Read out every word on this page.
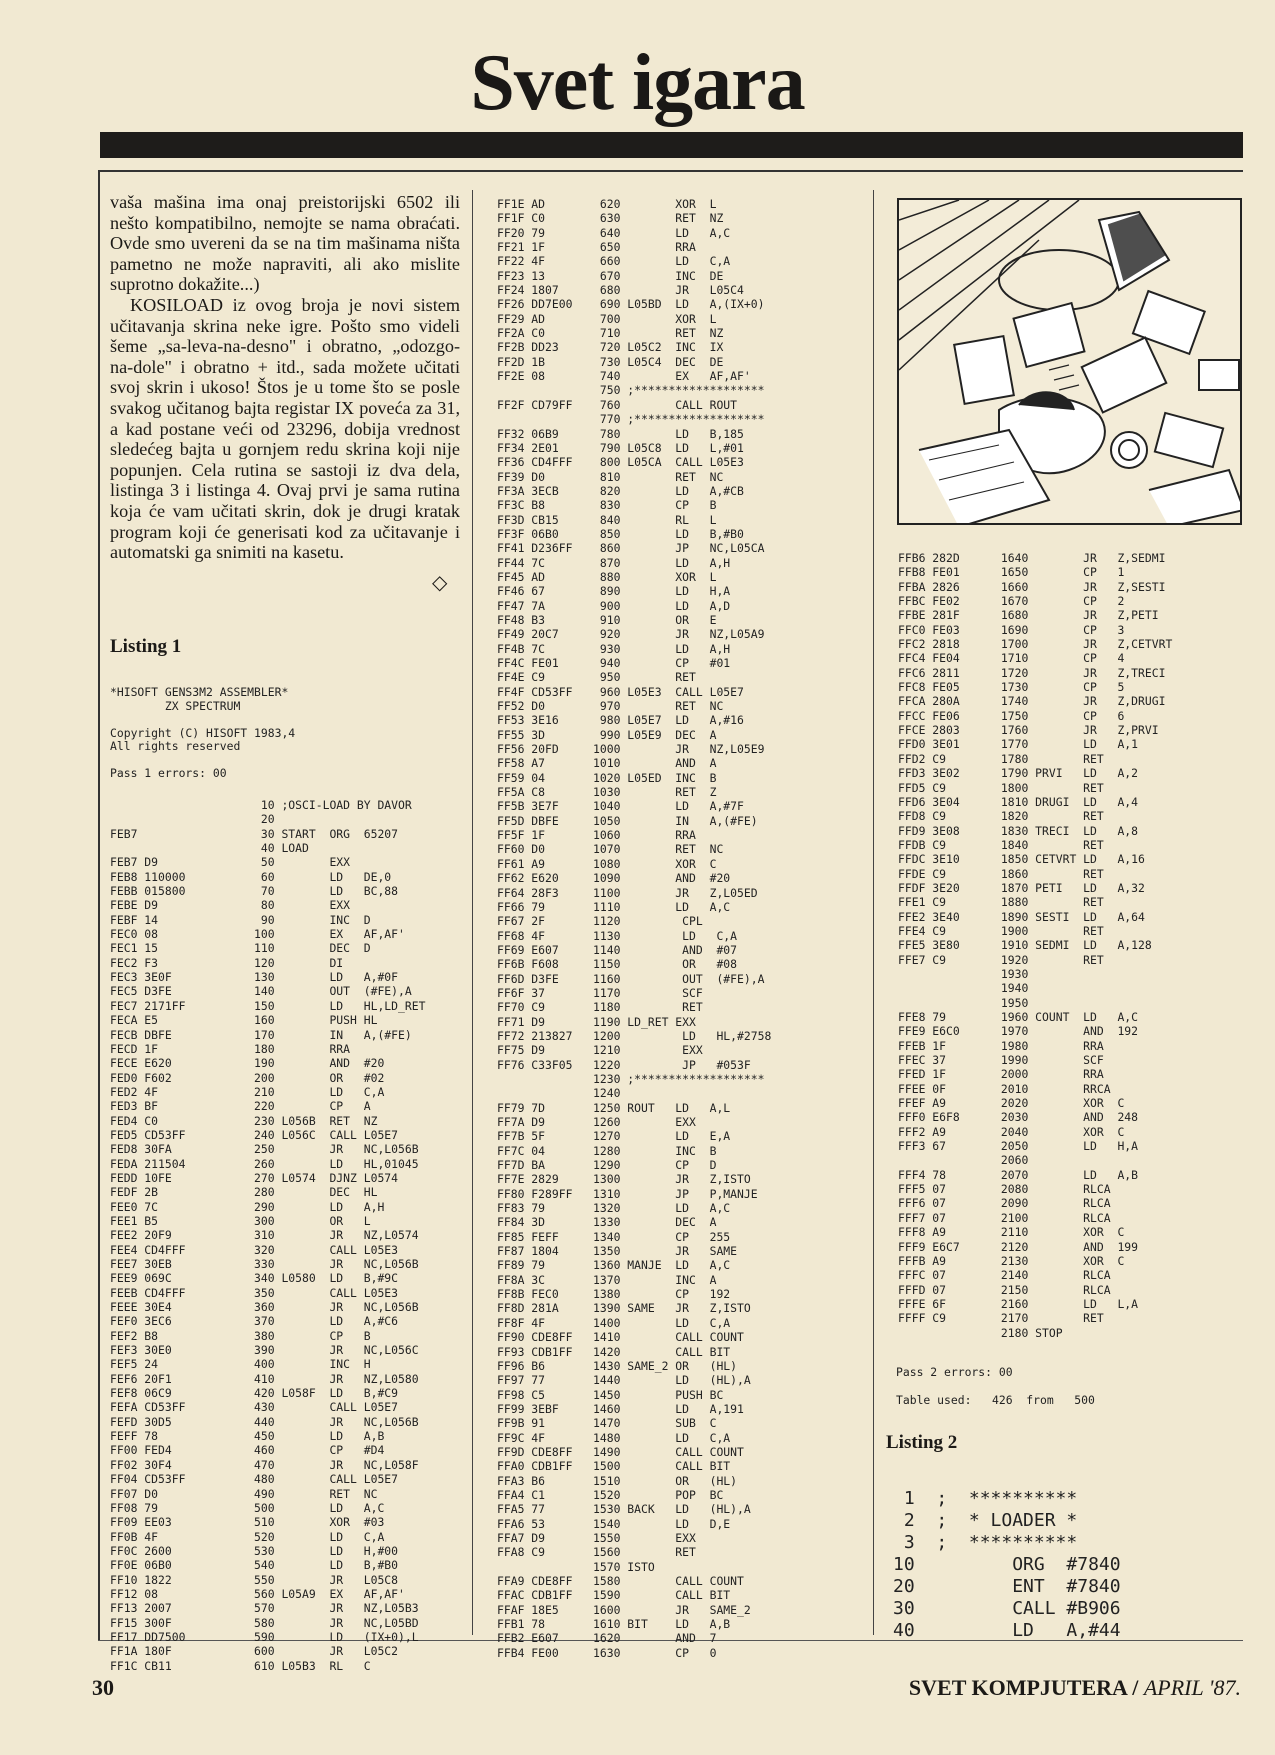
Svet igara

vaša mašina ima onaj preistorijski 6502 ili nešto kompatibilno, nemojte se nama obraćati. Ovde smo uvereni da se na tim mašinama ništa pametno ne može napraviti, ali ako mislite suprotno dokažite...)

KOSILOAD iz ovog broja je novi sistem učitavanja skrina neke igre. Pošto smo videli šeme „sa-leva-na-desno" i obratno, „odozgo-na-dole" i obratno + itd., sada možete učitati svoj skrin i ukoso! Štos je u tome što se posle svakog učitanog bajta registar IX poveća za 31, a kad postane veći od 23296, dobija vrednost sledećeg bajta u gornjem redu skrina koji nije popunjen. Cela rutina se sastoji iz dva dela, listinga 3 i listinga 4. Ovaj prvi je sama rutina koja će vam učitati skrin, dok je drugi kratak program koji će generisati kod za učitavanje i automatski ga snimiti na kasetu.

◇
Listing 1
*HISOFT GENS3M2 ASSEMBLER*
ZX SPECTRUM

Copyright (C) HISOFT 1983,4
All rights reserved

Pass 1 errors: 00
10 ;OSCI-LOAD BY DAVOR
20
FEB7                  30 START  ORG  65207
40 LOAD
FEB7 D9               50        EXX
FEB8 110000           60        LD   DE,0
FEBB 015800           70        LD   BC,88
FEBE D9               80        EXX
FEBF 14               90        INC  D
FEC0 08              100        EX   AF,AF'
FEC1 15              110        DEC  D
FEC2 F3              120        DI
FEC3 3E0F            130        LD   A,#0F
FEC5 D3FE            140        OUT  (#FE),A
FEC7 2171FF          150        LD   HL,LD_RET
FECA E5              160        PUSH HL
FECB DBFE            170        IN   A,(#FE)
FECD 1F              180        RRA
FECE E620            190        AND  #20
FED0 F602            200        OR   #02
FED2 4F              210        LD   C,A
FED3 BF              220        CP   A
FED4 C0              230 L056B  RET  NZ
FED5 CD53FF          240 L056C  CALL L05E7
FED8 30FA            250        JR   NC,L056B
FEDA 211504          260        LD   HL,01045
FEDD 10FE            270 L0574  DJNZ L0574
FEDF 2B              280        DEC  HL
FEE0 7C              290        LD   A,H
FEE1 B5              300        OR   L
FEE2 20F9            310        JR   NZ,L0574
FEE4 CD4FFF          320        CALL L05E3
FEE7 30EB            330        JR   NC,L056B
FEE9 069C            340 L0580  LD   B,#9C
FEEB CD4FFF          350        CALL L05E3
FEEE 30E4            360        JR   NC,L056B
FEF0 3EC6            370        LD   A,#C6
FEF2 B8              380        CP   B
FEF3 30E0            390        JR   NC,L056C
FEF5 24              400        INC  H
FEF6 20F1            410        JR   NZ,L0580
FEF8 06C9            420 L058F  LD   B,#C9
FEFA CD53FF          430        CALL L05E7
FEFD 30D5            440        JR   NC,L056B
FEFF 78              450        LD   A,B
FF00 FED4            460        CP   #D4
FF02 30F4            470        JR   NC,L058F
FF04 CD53FF          480        CALL L05E7
FF07 D0              490        RET  NC
FF08 79              500        LD   A,C
FF09 EE03            510        XOR  #03
FF0B 4F              520        LD   C,A
FF0C 2600            530        LD   H,#00
FF0E 06B0            540        LD   B,#B0
FF10 1822            550        JR   L05C8
FF12 08              560 L05A9  EX   AF,AF'
FF13 2007            570        JR   NZ,L05B3
FF15 300F            580        JR   NC,L05BD
FF17 DD7500          590        LD   (IX+0),L
FF1A 180F            600        JR   L05C2
FF1C CB11            610 L05B3  RL   C
FF1E AD        620        XOR  L
FF1F C0        630        RET  NZ
FF20 79        640        LD   A,C
FF21 1F        650        RRA
FF22 4F        660        LD   C,A
FF23 13        670        INC  DE
FF24 1807      680        JR   L05C4
FF26 DD7E00    690 L05BD  LD   A,(IX+0)
FF29 AD        700        XOR  L
FF2A C0        710        RET  NZ
FF2B DD23      720 L05C2  INC  IX
FF2D 1B        730 L05C4  DEC  DE
FF2E 08        740        EX   AF,AF'
750 ;*******************
FF2F CD79FF    760        CALL ROUT
770 ;*******************
FF32 06B9      780        LD   B,185
FF34 2E01      790 L05C8  LD   L,#01
FF36 CD4FFF    800 L05CA  CALL L05E3
FF39 D0        810        RET  NC
FF3A 3ECB      820        LD   A,#CB
FF3C B8        830        CP   B
FF3D CB15      840        RL   L
FF3F 06B0      850        LD   B,#B0
FF41 D236FF    860        JP   NC,L05CA
FF44 7C        870        LD   A,H
FF45 AD        880        XOR  L
FF46 67        890        LD   H,A
FF47 7A        900        LD   A,D
FF48 B3        910        OR   E
FF49 20C7      920        JR   NZ,L05A9
FF4B 7C        930        LD   A,H
FF4C FE01      940        CP   #01
FF4E C9        950        RET
FF4F CD53FF    960 L05E3  CALL L05E7
FF52 D0        970        RET  NC
FF53 3E16      980 L05E7  LD   A,#16
FF55 3D        990 L05E9  DEC  A
FF56 20FD     1000        JR   NZ,L05E9
FF58 A7       1010        AND  A
FF59 04       1020 L05ED  INC  B
FF5A C8       1030        RET  Z
FF5B 3E7F     1040        LD   A,#7F
FF5D DBFE     1050        IN   A,(#FE)
FF5F 1F       1060        RRA
FF60 D0       1070        RET  NC
FF61 A9       1080        XOR  C
FF62 E620     1090        AND  #20
FF64 28F3     1100        JR   Z,L05ED
FF66 79       1110        LD   A,C
FF67 2F       1120         CPL
FF68 4F       1130         LD   C,A
FF69 E607     1140         AND  #07
FF6B F608     1150         OR   #08
FF6D D3FE     1160         OUT  (#FE),A
FF6F 37       1170         SCF
FF70 C9       1180         RET
FF71 D9       1190 LD_RET EXX
FF72 213827   1200         LD   HL,#2758
FF75 D9       1210         EXX
FF76 C33F05   1220         JP   #053F
1230 ;*******************
1240
FF79 7D       1250 ROUT   LD   A,L
FF7A D9       1260        EXX
FF7B 5F       1270        LD   E,A
FF7C 04       1280        INC  B
FF7D BA       1290        CP   D
FF7E 2829     1300        JR   Z,ISTO
FF80 F289FF   1310        JP   P,MANJE
FF83 79       1320        LD   A,C
FF84 3D       1330        DEC  A
FF85 FEFF     1340        CP   255
FF87 1804     1350        JR   SAME
FF89 79       1360 MANJE  LD   A,C
FF8A 3C       1370        INC  A
FF8B FEC0     1380        CP   192
FF8D 281A     1390 SAME   JR   Z,ISTO
FF8F 4F       1400        LD   C,A
FF90 CDE8FF   1410        CALL COUNT
FF93 CDB1FF   1420        CALL BIT
FF96 B6       1430 SAME_2 OR   (HL)
FF97 77       1440        LD   (HL),A
FF98 C5       1450        PUSH BC
FF99 3EBF     1460        LD   A,191
FF9B 91       1470        SUB  C
FF9C 4F       1480        LD   C,A
FF9D CDE8FF   1490        CALL COUNT
FFA0 CDB1FF   1500        CALL BIT
FFA3 B6       1510        OR   (HL)
FFA4 C1       1520        POP  BC
FFA5 77       1530 BACK   LD   (HL),A
FFA6 53       1540        LD   D,E
FFA7 D9       1550        EXX
FFA8 C9       1560        RET
1570 ISTO
FFA9 CDE8FF   1580        CALL COUNT
FFAC CDB1FF   1590        CALL BIT
FFAF 18E5     1600        JR   SAME_2
FFB1 78       1610 BIT    LD   A,B
FFB2 E607     1620        AND  7
FFB4 FE00     1630        CP   0
FFB6 282D      1640        JR   Z,SEDMI
FFB8 FE01      1650        CP   1
FFBA 2826      1660        JR   Z,SESTI
FFBC FE02      1670        CP   2
FFBE 281F      1680        JR   Z,PETI
FFC0 FE03      1690        CP   3
FFC2 2818      1700        JR   Z,CETVRT
FFC4 FE04      1710        CP   4
FFC6 2811      1720        JR   Z,TRECI
FFC8 FE05      1730        CP   5
FFCA 280A      1740        JR   Z,DRUGI
FFCC FE06      1750        CP   6
FFCE 2803      1760        JR   Z,PRVI
FFD0 3E01      1770        LD   A,1
FFD2 C9        1780        RET
FFD3 3E02      1790 PRVI   LD   A,2
FFD5 C9        1800        RET
FFD6 3E04      1810 DRUGI  LD   A,4
FFD8 C9        1820        RET
FFD9 3E08      1830 TRECI  LD   A,8
FFDB C9        1840        RET
FFDC 3E10      1850 CETVRT LD   A,16
FFDE C9        1860        RET
FFDF 3E20      1870 PETI   LD   A,32
FFE1 C9        1880        RET
FFE2 3E40      1890 SESTI  LD   A,64
FFE4 C9        1900        RET
FFE5 3E80      1910 SEDMI  LD   A,128
FFE7 C9        1920        RET
1930
1940
1950
FFE8 79        1960 COUNT  LD   A,C
FFE9 E6C0      1970        AND  192
FFEB 1F        1980        RRA
FFEC 37        1990        SCF
FFED 1F        2000        RRA
FFEE 0F        2010        RRCA
FFEF A9        2020        XOR  C
FFF0 E6F8      2030        AND  248
FFF2 A9        2040        XOR  C
FFF3 67        2050        LD   H,A
2060
FFF4 78        2070        LD   A,B
FFF5 07        2080        RLCA
FFF6 07        2090        RLCA
FFF7 07        2100        RLCA
FFF8 A9        2110        XOR  C
FFF9 E6C7      2120        AND  199
FFFB A9        2130        XOR  C
FFFC 07        2140        RLCA
FFFD 07        2150        RLCA
FFFE 6F        2160        LD   L,A
FFFF C9        2170        RET
2180 STOP
Pass 2 errors: 00
Table used:   426  from   500
Listing 2
1  ;  **********
2  ;  * LOADER *
3  ;  **********
10         ORG  #7840
20         ENT  #7840
30         CALL #B906
40         LD   A,#44
30	SVET KOMPJUTERA / APRIL '87.
